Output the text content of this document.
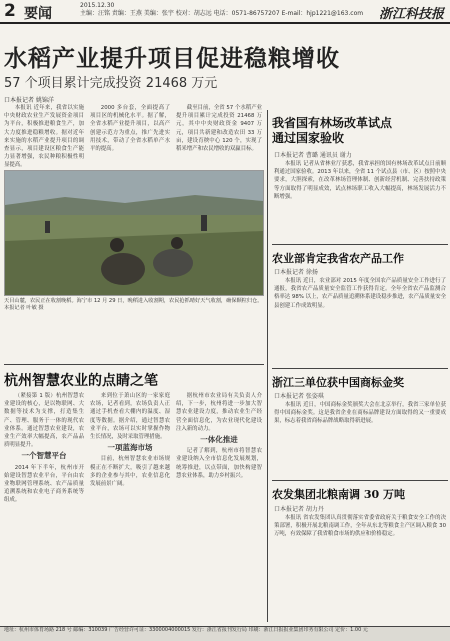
2 要闻
2015.12.30
主编：汪铭 责编：王燕 美编：张宇 校对：胡志远 电话：0571-86757207 E-mail：hjp1221@163.com 浙江科技报
水稻产业提升项目促进稳粮增收
57 个项目累计完成投资 21468 万元
口本报记者 姚锦洋

本报讯 近年来，我省以实施中央财政农业生产发展资金项目为平台，积极推进粮食生产，加大力度推进稳粮增收。据对近年来实施的水稻产业提升项目的调查显示，项目建设区粮食生产能力显著增强，农民种粮积极性明显提高。

2000 多台套，全面提高了项目区的机械化水平。据了解，全省水稻产业提升项目，以高产创建示范方为重点，推广先进实用技术，带动了全省水稻单产水平的提高。

截至目前，全省 57 个水稻产业提升项目累计完成投资 21468 万元，其中中央财政资金 9407 万元，项目共新建和改造农田 33 万亩，建设育秧中心 120 个，实现了稻米增产和农民增收的双赢目标。

天目山麓，农民正在收割晚稻。海宁市 12 月 29 日，晚稻进入收割期，农民抢抓晴好天气收割，确保颗粒归仓。 本报记者 叶敏 摄
我省国有林场改革试点
通过国家验收
口本报记者 曹璐 通讯员 谢力

本报讯 记者从省林业厅获悉，我省承担的国有林场改革试点日前顺利通过国家验收。2013 年以来，全省 11 个试点县（市、区）按照中央要求，大胆探索，在改革林场管理体制、创新经营机制、完善扶持政策等方面取得了明显成效，试点林场职工收入大幅提高，林场发展活力不断增强。

农业部肯定我省农产品工作
口本报记者 徐扬

本报讯 近日，农业部对 2015 年度全国农产品质量安全工作进行了通报，我省农产品质量安全监管工作获得肯定。全年全省农产品监测合格率达 98% 以上，农产品质量追溯体系建设稳步推进，农产品质量安全县创建工作成效明显。

浙江三单位获中国商标金奖
口本报记者 张姿琪

本报讯 近日，中国商标金奖颁奖大会在北京举行，我省三家单位获得中国商标金奖。这是我省企业在商标品牌建设方面取得的又一重要成果，标志着我省商标品牌战略取得新进展。

农发集团北粮南调 30 万吨
口本报记者 胡力丹

本报讯 省农发集团认真贯彻落实省委省政府关于粮食安全工作的决策部署，积极开展北粮南调工作，全年从东北等粮食主产区调入粮食 30 万吨，有效保障了我省粮食市场的供应和价格稳定。

杭州智慧农业的点睛之笔

（紧接第 1 版）杭州智慧农业建设的核心，是以物联网、大数据等技术为支撑，打造集生产、管理、服务于一体的现代农业体系。通过智慧农业建设，农业生产效率大幅提高，农产品品质明显提升。

一个智慧平台

2014 年下半年，杭州市开始建设智慧农业平台，平台由农业物联网管理系统、农产品质量追溯系统和农业电子商务系统等组成。

来到位于萧山区的一家家庭农场，记者看到，农场负责人正通过手机查看大棚内的温度、湿度等数据。据介绍，通过智慧农业平台，农场可以实时掌握作物生长情况，及时采取管理措施。

一项蓝海市场

目前，杭州智慧农业市场规模正在不断扩大，吸引了越来越多的企业参与其中，农业信息化发展前景广阔。

据杭州市农业局有关负责人介绍，下一步，杭州将进一步加大智慧农业建设力度，推动农业生产经营全面信息化，为农业现代化建设注入新的动力。

一体化推进

记者了解到，杭州市将智慧农业建设纳入全市信息化发展规划，统筹推进，以点带面，加快构建智慧农业体系，助力乡村振兴。

地址：杭州市体育场路 218 号 邮编：310039 广告经营许可证：3300004000015 发行：浙江省报刊发行局 印刷：浙江日报报业集团印务有限公司 定价：1.00 元
